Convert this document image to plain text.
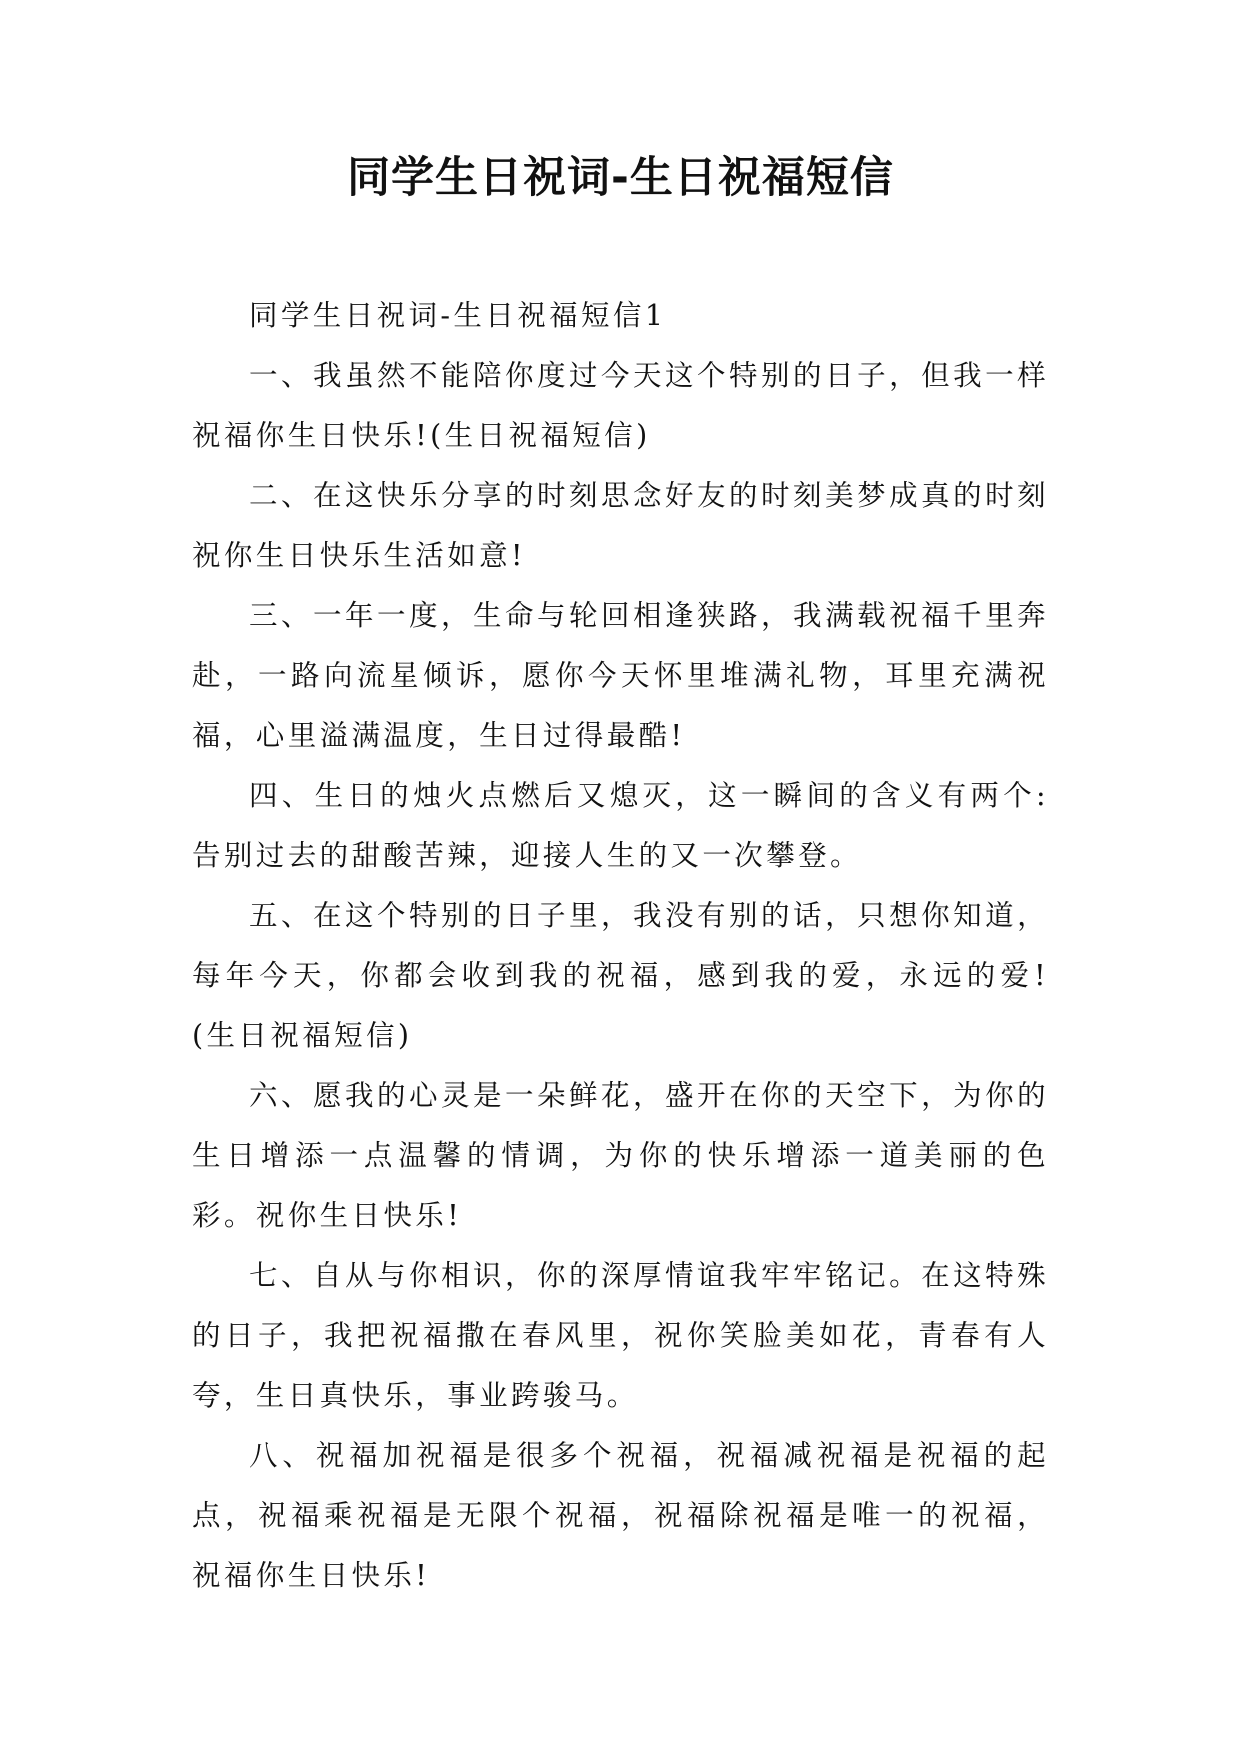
同学生日祝词-生日祝福短信

同学生日祝词-生日祝福短信1

一、我虽然不能陪你度过今天这个特别的日子，但我一样祝福你生日快乐!(生日祝福短信)

二、在这快乐分享的时刻思念好友的时刻美梦成真的时刻祝你生日快乐生活如意!

三、一年一度，生命与轮回相逢狭路，我满载祝福千里奔赴，一路向流星倾诉，愿你今天怀里堆满礼物，耳里充满祝福，心里溢满温度，生日过得最酷!

四、生日的烛火点燃后又熄灭，这一瞬间的含义有两个:告别过去的甜酸苦辣，迎接人生的又一次攀登。

五、在这个特别的日子里，我没有别的话，只想你知道，每年今天，你都会收到我的祝福，感到我的爱，永远的爱!(生日祝福短信)

六、愿我的心灵是一朵鲜花，盛开在你的天空下，为你的生日增添一点温馨的情调，为你的快乐增添一道美丽的色彩。祝你生日快乐!

七、自从与你相识，你的深厚情谊我牢牢铭记。在这特殊的日子，我把祝福撒在春风里，祝你笑脸美如花，青春有人夸，生日真快乐，事业跨骏马。

八、祝福加祝福是很多个祝福，祝福减祝福是祝福的起点，祝福乘祝福是无限个祝福，祝福除祝福是唯一的祝福，祝福你生日快乐!
